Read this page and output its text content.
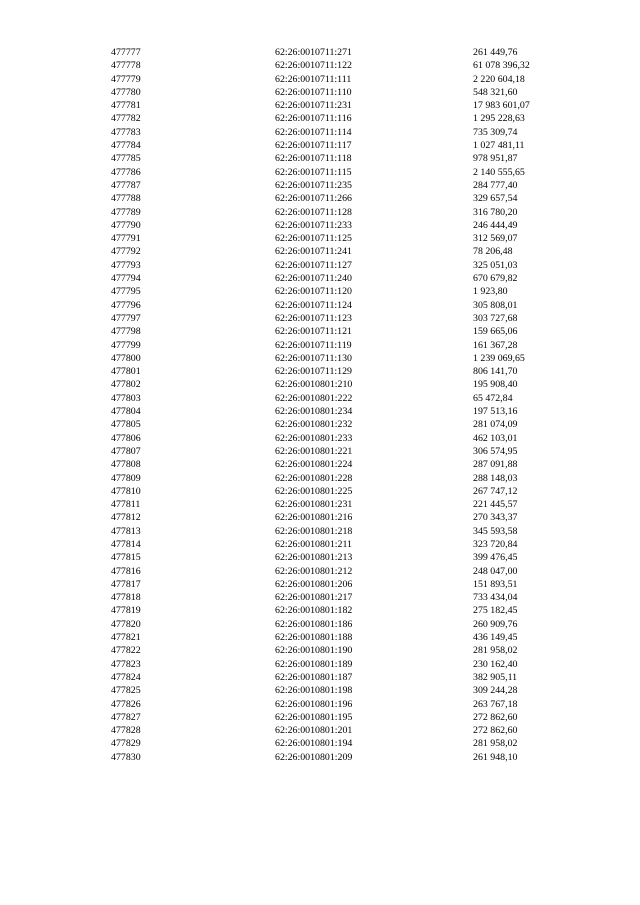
477777	62:26:0010711:271	261 449,76
477778	62:26:0010711:122	61 078 396,32
477779	62:26:0010711:111	2 220 604,18
477780	62:26:0010711:110	548 321,60
477781	62:26:0010711:231	17 983 601,07
477782	62:26:0010711:116	1 295 228,63
477783	62:26:0010711:114	735 309,74
477784	62:26:0010711:117	1 027 481,11
477785	62:26:0010711:118	978 951,87
477786	62:26:0010711:115	2 140 555,65
477787	62:26:0010711:235	284 777,40
477788	62:26:0010711:266	329 657,54
477789	62:26:0010711:128	316 780,20
477790	62:26:0010711:233	246 444,49
477791	62:26:0010711:125	312 569,07
477792	62:26:0010711:241	78 206,48
477793	62:26:0010711:127	325 051,03
477794	62:26:0010711:240	670 679,82
477795	62:26:0010711:120	1 923,80
477796	62:26:0010711:124	305 808,01
477797	62:26:0010711:123	303 727,68
477798	62:26:0010711:121	159 665,06
477799	62:26:0010711:119	161 367,28
477800	62:26:0010711:130	1 239 069,65
477801	62:26:0010711:129	806 141,70
477802	62:26:0010801:210	195 908,40
477803	62:26:0010801:222	65 472,84
477804	62:26:0010801:234	197 513,16
477805	62:26:0010801:232	281 074,09
477806	62:26:0010801:233	462 103,01
477807	62:26:0010801:221	306 574,95
477808	62:26:0010801:224	287 091,88
477809	62:26:0010801:228	288 148,03
477810	62:26:0010801:225	267 747,12
477811	62:26:0010801:231	221 445,57
477812	62:26:0010801:216	270 343,37
477813	62:26:0010801:218	345 593,58
477814	62:26:0010801:211	323 720,84
477815	62:26:0010801:213	399 476,45
477816	62:26:0010801:212	248 047,00
477817	62:26:0010801:206	151 893,51
477818	62:26:0010801:217	733 434,04
477819	62:26:0010801:182	275 182,45
477820	62:26:0010801:186	260 909,76
477821	62:26:0010801:188	436 149,45
477822	62:26:0010801:190	281 958,02
477823	62:26:0010801:189	230 162,40
477824	62:26:0010801:187	382 905,11
477825	62:26:0010801:198	309 244,28
477826	62:26:0010801:196	263 767,18
477827	62:26:0010801:195	272 862,60
477828	62:26:0010801:201	272 862,60
477829	62:26:0010801:194	281 958,02
477830	62:26:0010801:209	261 948,10
